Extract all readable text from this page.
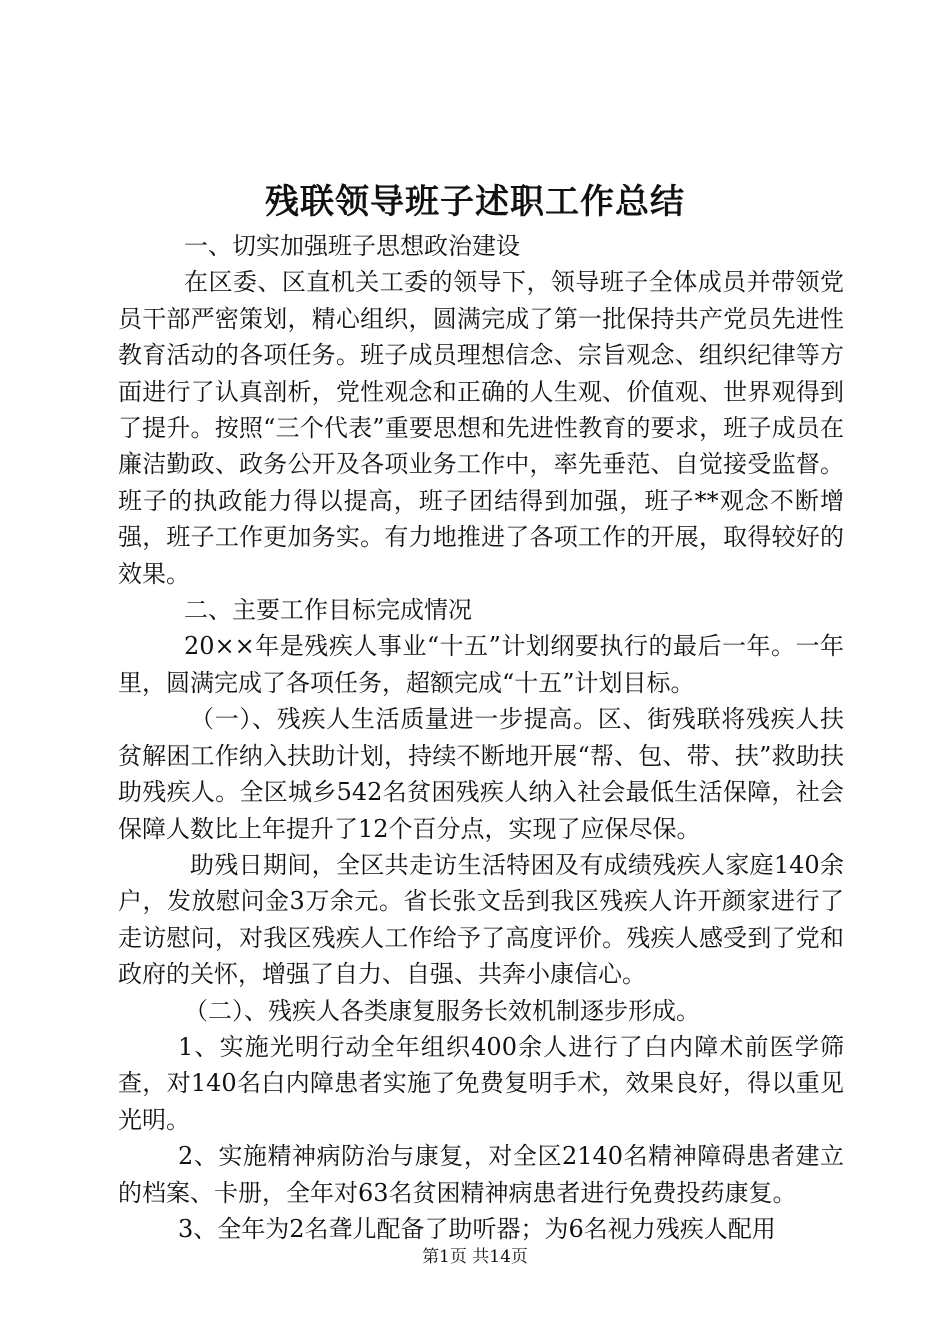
残联领导班子述职工作总结

一、切实加强班子思想政治建设

在区委、区直机关工委的领导下，领导班子全体成员并带领党员干部严密策划，精心组织，圆满完成了第一批保持共产党员先进性教育活动的各项任务。班子成员理想信念、宗旨观念、组织纪律等方面进行了认真剖析，党性观念和正确的人生观、价值观、世界观得到了提升。按照“三个代表”重要思想和先进性教育的要求，班子成员在廉洁勤政、政务公开及各项业务工作中，率先垂范、自觉接受监督。班子的执政能力得以提高，班子团结得到加强，班子**观念不断增强，班子工作更加务实。有力地推进了各项工作的开展，取得较好的效果。

二、主要工作目标完成情况

20××年是残疾人事业“十五”计划纲要执行的最后一年。一年里，圆满完成了各项任务，超额完成“十五”计划目标。

（一）、残疾人生活质量进一步提高。区、街残联将残疾人扶贫解困工作纳入扶助计划，持续不断地开展“帮、包、带、扶”救助扶助残疾人。全区城乡542名贫困残疾人纳入社会最低生活保障，社会保障人数比上年提升了12个百分点，实现了应保尽保。

助残日期间，全区共走访生活特困及有成绩残疾人家庭140余户，发放慰问金3万余元。省长张文岳到我区残疾人许开颜家进行了走访慰问，对我区残疾人工作给予了高度评价。残疾人感受到了党和政府的关怀，增强了自力、自强、共奔小康信心。

（二）、残疾人各类康复服务长效机制逐步形成。

1、实施光明行动全年组织400余人进行了白内障术前医学筛查，对140名白内障患者实施了免费复明手术，效果良好，得以重见光明。

2、实施精神病防治与康复，对全区2140名精神障碍患者建立的档案、卡册，全年对63名贫困精神病患者进行免费投药康复。

3、全年为2名聋儿配备了助听器；为6名视力残疾人配用

第1页 共14页
